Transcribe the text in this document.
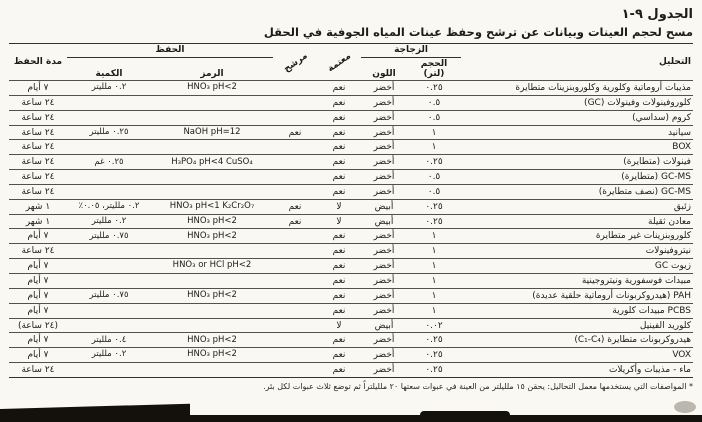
الجدول ٩-١
مسح لحجم العينات وبيانات عن ترشح وحفظ عينات المياه الجوفية في الحقل
التحليل	الزجاجة		معتمة	مرشح	الحفظ		مدة الحفظ
	الحجم (لتر)	اللون			الرمز	الكمية	
مذيبات أروماتية وكلورية وكلوروبنزينات متطايرة	٠.٢٥	أخضر	نعم		HNO₃ pH<2	٠.٢ ملليتر	٧ أيام
كلوروفينولات وفينولات (GC)	٠.٥	أخضر	نعم				٢٤ ساعة
كروم (سداسي)	٠.٥	أخضر	نعم				٢٤ ساعة
سيانيد	١	أخضر	نعم	نعم	NaOH pH=12	٠.٢٥ ملليتر	٢٤ ساعة
BOX	١	أخضر	نعم				٢٤ ساعة
فينولات (متطايرة)	٠.٢٥	أخضر	نعم		H₃PO₄ pH<4 CuSO₄	٠.٢٥ غم	٢٤ ساعة
GC-MS (متطايرة)	٠.٥	أخضر	نعم				٢٤ ساعة
GC-MS (نصف متطايرة)	٠.٥	أخضر	نعم				٢٤ ساعة
زئبق	٠.٢٥	أبيض	لا	نعم	HNO₃ pH<1 K₂Cr₂O₇	٠.٢ ملليتر، ٠.٠٥٪	١ شهر
معادن ثقيلة	٠.٢٥	أبيض	لا	نعم	HNO₃ pH<2	٠.٢ ملليتر	١ شهر
كلوروبنزينات غير متطايرة	١	أخضر	نعم		HNO₃ pH<2	٠.٧٥ ملليتر	٧ أيام
نيتروفينولات	١	أخضر	نعم				٢٤ ساعة
زيوت GC	١	أخضر	نعم		HNO₃ or HCl pH<2		٧ أيام
مبيدات فوسفورية ونيتروجينية	١	أخضر	نعم				٧ أيام
PAH (هيدروكربونات أروماتية حلقية عديدة)	١	أخضر	نعم		HNO₃ pH<2	٠.٧٥ ملليتر	٧ أيام
PCBS مبيدات كلورية	١	أخضر	نعم				٧ أيام
كلوريد الفينيل	٠.٠٢	أبيض	لا				(٢٤ ساعة)
هيدروكربونات متطايرة (C₁-C₄)	٠.٢٥	أخضر	نعم		HNO₃ pH<2	٠.٤ ملليتر	٧ أيام
VOX	٠.٢٥	أخضر	نعم		HNO₃ pH<2	٠.٢ ملليتر	٧ أيام
ماء - مذيبات وأكريلات	٠.٢٥	أخضر	نعم				٢٤ ساعة
* المواصفات التي يستخدمها معمل التحاليل: يحقن ١٥ ملليلتر من العينة في عبوات سعتها ٢٠ ملليلتراً ثم توضع ثلاث عبوات لكل بئر.
